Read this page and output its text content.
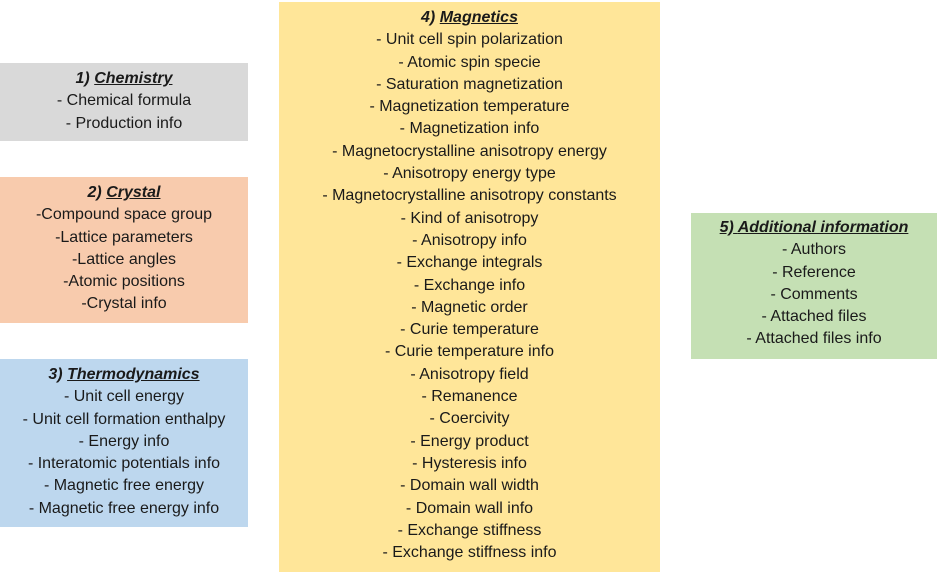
1) Chemistry
- Chemical formula
- Production info
2) Crystal
-Compound space group
-Lattice parameters
-Lattice angles
-Atomic positions
-Crystal info
3) Thermodynamics
- Unit cell energy
- Unit cell formation enthalpy
- Energy info
- Interatomic potentials info
- Magnetic free energy
- Magnetic free energy info
4) Magnetics
- Unit cell spin polarization
- Atomic spin specie
- Saturation magnetization
- Magnetization temperature
- Magnetization info
- Magnetocrystalline anisotropy energy
- Anisotropy energy type
- Magnetocrystalline anisotropy constants
- Kind of anisotropy
- Anisotropy info
- Exchange integrals
- Exchange info
- Magnetic order
- Curie temperature
- Curie temperature info
- Anisotropy field
- Remanence
- Coercivity
- Energy product
- Hysteresis info
- Domain wall width
- Domain wall info
- Exchange stiffness
- Exchange stiffness info
5) Additional information
- Authors
- Reference
- Comments
- Attached files
- Attached files info
